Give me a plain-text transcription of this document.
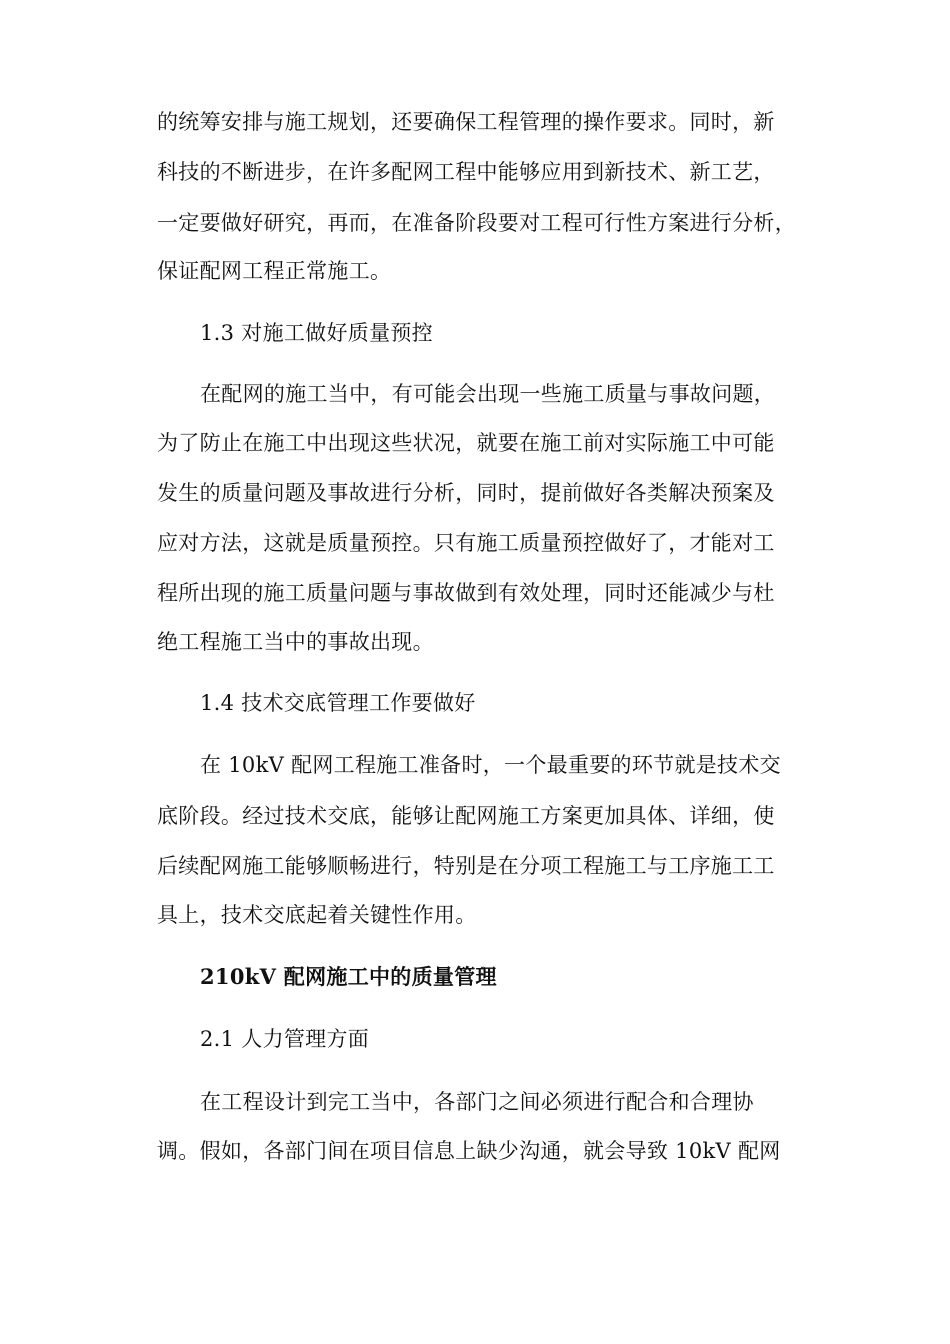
的统筹安排与施工规划，还要确保工程管理的操作要求。同时，新
科技的不断进步，在许多配网工程中能够应用到新技术、新工艺，
一定要做好研究，再而，在准备阶段要对工程可行性方案进行分析，
保证配网工程正常施工。
1.3 对施工做好质量预控
在配网的施工当中，有可能会出现一些施工质量与事故问题，
为了防止在施工中出现这些状况，就要在施工前对实际施工中可能
发生的质量问题及事故进行分析，同时，提前做好各类解决预案及
应对方法，这就是质量预控。只有施工质量预控做好了，才能对工
程所出现的施工质量问题与事故做到有效处理，同时还能减少与杜
绝工程施工当中的事故出现。
1.4 技术交底管理工作要做好
在 10kV 配网工程施工准备时，一个最重要的环节就是技术交
底阶段。经过技术交底，能够让配网施工方案更加具体、详细，使
后续配网施工能够顺畅进行，特别是在分项工程施工与工序施工工
具上，技术交底起着关键性作用。
210kV 配网施工中的质量管理
2.1 人力管理方面
在工程设计到完工当中，各部门之间必须进行配合和合理协
调。假如，各部门间在项目信息上缺少沟通，就会导致 10kV 配网
